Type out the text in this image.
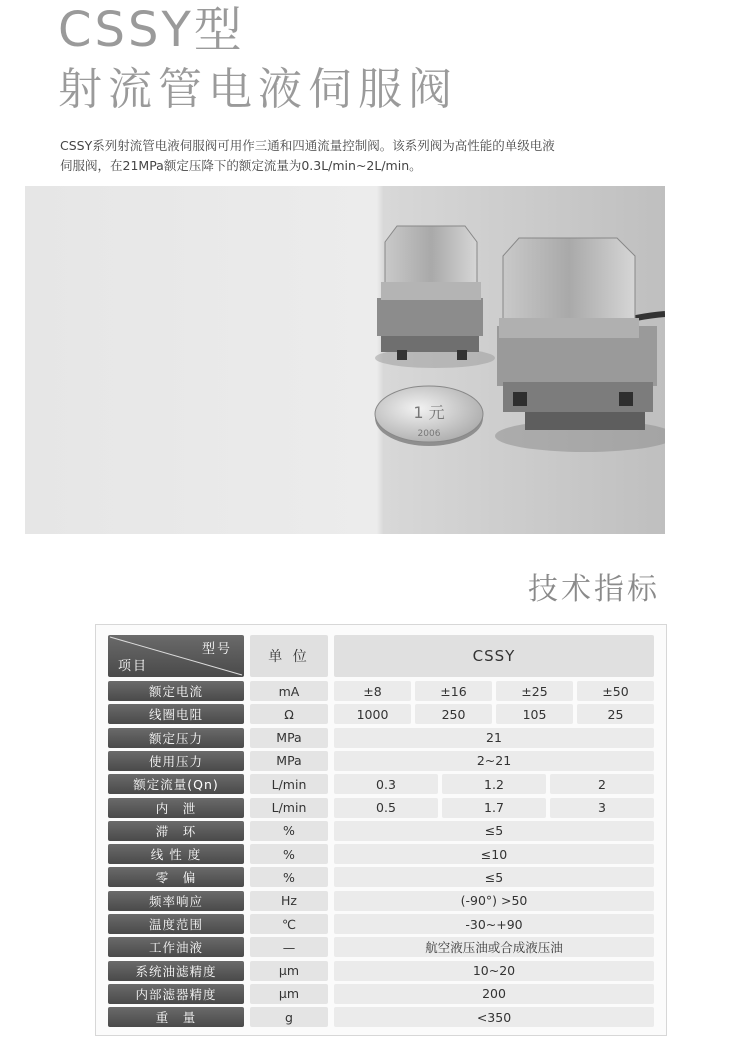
CSSY型
射流管电液伺服阀
CSSY系列射流管电液伺服阀可用作三通和四通流量控制阀。该系列阀为高性能的单级电液
伺服阀，在21MPa额定压降下的额定流量为0.3L/min~2L/min。
1 元
2006
技术指标
型号
项目
单 位	CSSY
额定电流	mA	±8	±16	±25	±50
线圈电阻	Ω	1000	250	105	25
额定压力	MPa	21
使用压力	MPa	2~21
额定流量(Qn)	L/min	0.3	1.2	2
内　泄	L/min	0.5	1.7	3
滞　环	%	≤5
线 性 度	%	≤10
零　偏	%	≤5
频率响应	Hz	(-90°) >50
温度范围	℃	-30~+90
工作油液	—	航空液压油或合成液压油
系统油滤精度	μm	10~20
内部滤器精度	μm	200
重　量	g	<350
